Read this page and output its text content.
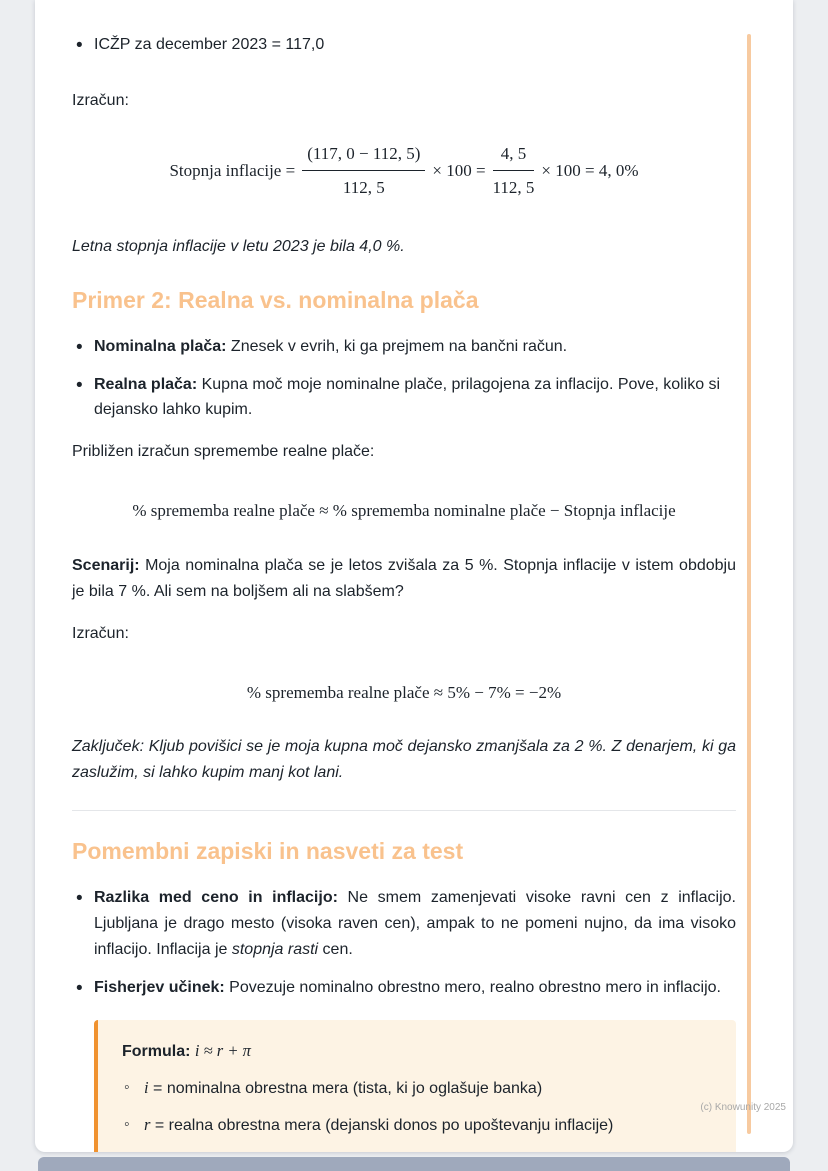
• ICŽP za december 2023 = 117,0

Izračun:

Stopnja inflacije = $\frac{(117, 0 - 112, 5)}{112, 5} \times 100 = \frac{4, 5}{112, 5} \times 100 = 4$, 0%

Letna stopnja inflacije v letu 2023 je bila 4,0 %.

Primer 2: Realna vs. nominalna plača
• Nominalna plača: Znesek v evrih, ki ga prejmem na bančni račun.
• Realna plača: Kupna moč moje nominalne plače, prilagojena za inflacijo. Pove, koliko si dejansko lahko kupim.

Približen izračun spremembe realne plače:

% sprememba realne plače ≈ % sprememba nominalne plače − Stopnja inflacije

Scenarij: Moja nominalna plača se je letos zvišala za 5 %. Stopnja inflacije v istem obdobju je bila 7 %. Ali sem na boljšem ali na slabšem?

Izračun:

% sprememba realne plače ≈ 5% − 7% = −2%

Zaključek: Kljub povišici se je moja kupna moč dejansko zmanjšala za 2 %. Z denarjem, ki ga zaslužim, si lahko kupim manj kot lani.

Pomembni zapiski in nasveti za test
• Razlika med ceno in inflacijo: Ne smem zamenjevati visoke ravni cen z inflacijo. Ljubljana je drago mesto (visoka raven cen), ampak to ne pomeni nujno, da ima visoko inflacijo. Inflacija je stopnja rasti cen.
• Fisherjev učinek: Povezuje nominalno obrestno mero, realno obrestno mero in inflacijo.
Formula: i ≈ r + π
◦ i = nominalna obrestna mera (tista, ki jo oglašuje banka)
◦ r = realna obrestna mera (dejanski donos po upoštevanju inflacije)
(c) Knowunity 2025
